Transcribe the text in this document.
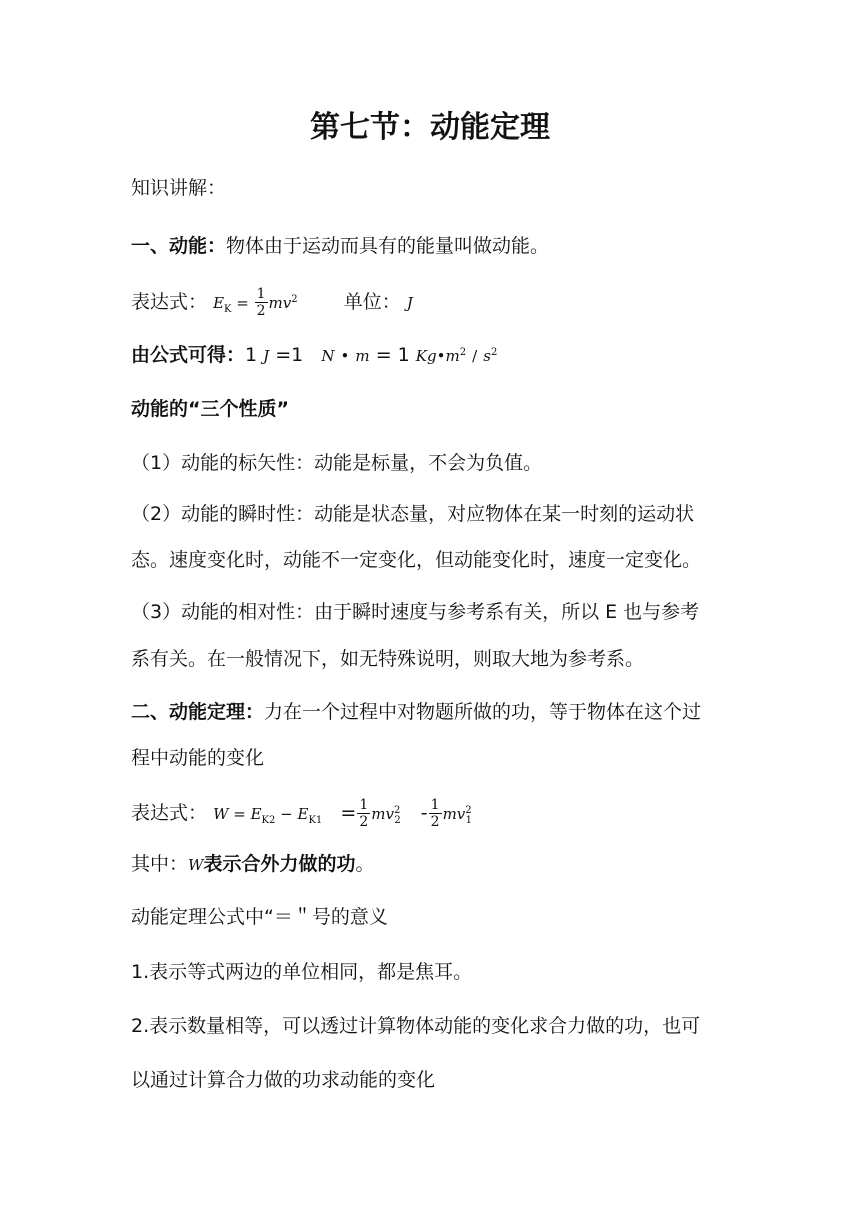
第七节：动能定理
知识讲解：
一、动能：物体由于运动而具有的能量叫做动能。
表达式： $E_K = \frac{1}{2} mv^2$ 单位： J
由公式可得：1 J =1 N • m = 1 $Kg•m^2 / s^2$
动能的“三个性质”
（1）动能的标矢性：动能是标量，不会为负值。
（2）动能的瞬时性：动能是状态量，对应物体在某一时刻的运动状
态。速度变化时，动能不一定变化，但动能变化时，速度一定变化。
（3）动能的相对性：由于瞬时速度与参考系有关，所以 E 也与参考
系有关。在一般情况下，如无特殊说明，则取大地为参考系。
二、动能定理：力在一个过程中对物题所做的功，等于物体在这个过
程中动能的变化
表达式： $W = E_{K2} - E_{K1} = \frac{1}{2} mv^2_2 - \frac{1}{2} mv^2_1$
其中：W表示合外力做的功。
动能定理公式中“＝＂号的意义
1.表示等式两边的单位相同，都是焦耳。
2.表示数量相等，可以透过计算物体动能的变化求合力做的功，也可
以通过计算合力做的功求动能的变化
